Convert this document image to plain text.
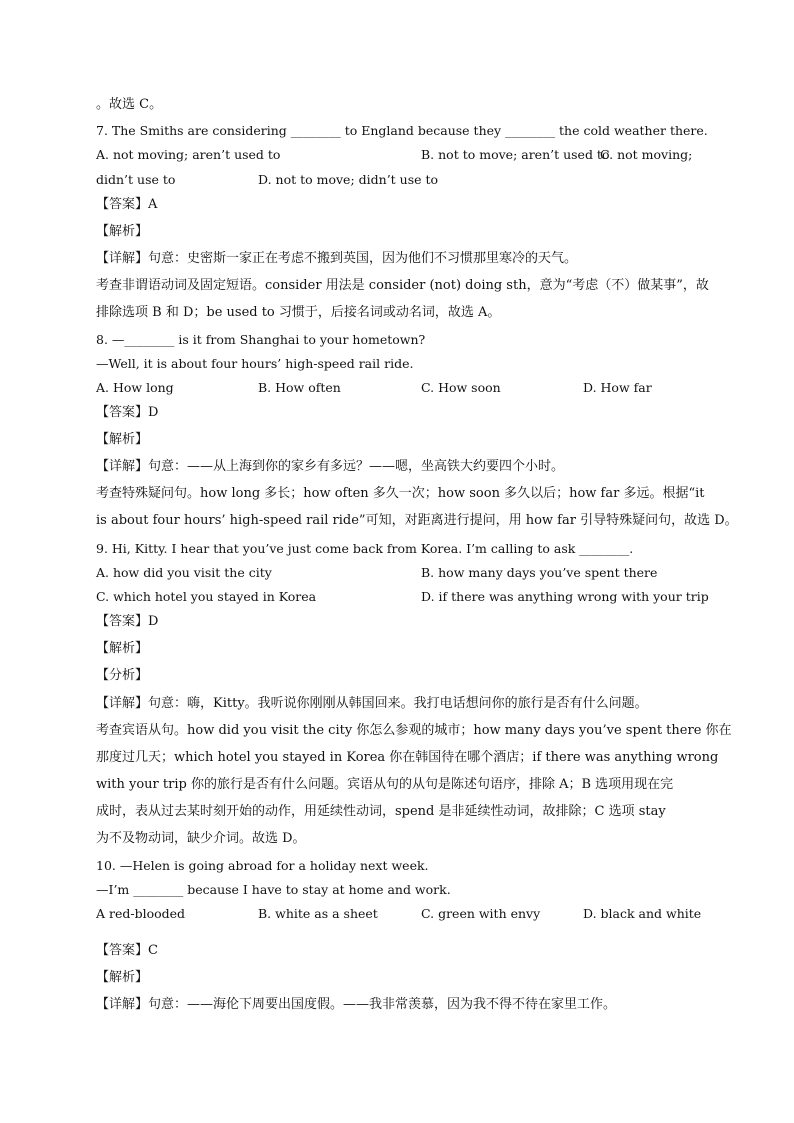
。故选 C。
7. The Smiths are considering ________ to England because they ________ the cold weather there.
A. not moving; aren’t used to	B. not to move; aren’t used to
C. not moving;
didn’t use to	D. not to move; didn’t use to
【答案】A
【解析】
【详解】句意：史密斯一家正在考虑不搬到英国，因为他们不习惯那里寒冷的天气。
考查非谓语动词及固定短语。consider 用法是 consider (not) doing sth，意为“考虑（不）做某事”，故
排除选项 B 和 D；be used to 习惯于，后接名词或动名词，故选 A。
8. —________ is it from Shanghai to your hometown?
—Well, it is about four hours’ high-speed rail ride.
A. How long	B. How often	C. How soon	D. How far
【答案】D
【解析】
【详解】句意：——从上海到你的家乡有多远？——嗯，坐高铁大约要四个小时。
考查特殊疑问句。how long 多长；how often 多久一次；how soon 多久以后；how far 多远。根据“it
is about four hours’ high-speed rail ride”可知，对距离进行提问，用 how far 引导特殊疑问句，故选 D。
9. Hi, Kitty. I hear that you’ve just come back from Korea. I’m calling to ask ________.
A. how did you visit the city	B. how many days you’ve spent there
C. which hotel you stayed in Korea	D. if there was anything wrong with your trip
【答案】D
【解析】
【分析】
【详解】句意：嗨，Kitty。我听说你刚刚从韩国回来。我打电话想问你的旅行是否有什么问题。
考查宾语从句。how did you visit the city 你怎么参观的城市；how many days you’ve spent there 你在
那度过几天；which hotel you stayed in Korea 你在韩国待在哪个酒店；if there was anything wrong
with your trip 你的旅行是否有什么问题。宾语从句的从句是陈述句语序，排除 A；B 选项用现在完
成时，表从过去某时刻开始的动作，用延续性动词，spend 是非延续性动词，故排除；C 选项 stay
为不及物动词，缺少介词。故选 D。
10. —Helen is going abroad for a holiday next week.
—I’m ________ because I have to stay at home and work.
A red-blooded	B. white as a sheet	C. green with envy	D. black and white
【答案】C
【解析】
【详解】句意：——海伦下周要出国度假。——我非常羡慕，因为我不得不待在家里工作。
